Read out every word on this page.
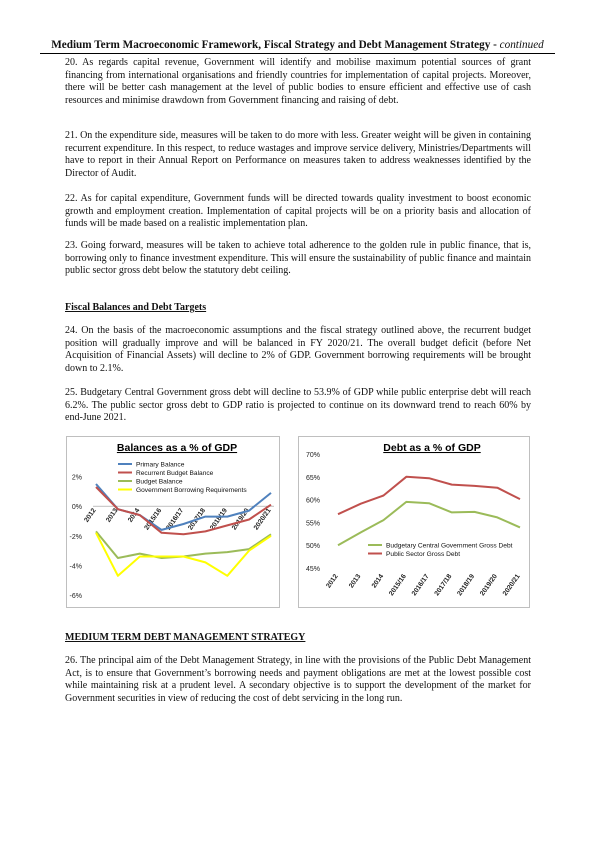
Medium Term Macroeconomic Framework, Fiscal Strategy and Debt Management Strategy - continued

20. As regards capital revenue, Government will identify and mobilise maximum potential sources of grant financing from international organisations and friendly countries for implementation of capital projects. Moreover, there will be better cash management at the level of public bodies to ensure efficient and effective use of cash resources and minimise drawdown from Government financing and raising of debt.

21. On the expenditure side, measures will be taken to do more with less. Greater weight will be given in containing recurrent expenditure. In this respect, to reduce wastages and improve service delivery, Ministries/Departments will have to report in their Annual Report on Performance on measures taken to address weaknesses identified by the Director of Audit.

22. As for capital expenditure, Government funds will be directed towards quality investment to boost economic growth and employment creation. Implementation of capital projects will be on a priority basis and allocation of funds will be made based on a realistic implementation plan.

23. Going forward, measures will be taken to achieve total adherence to the golden rule in public finance, that is, borrowing only to finance investment expenditure. This will ensure the sustainability of public finance and maintain public sector gross debt below the statutory debt ceiling.

Fiscal Balances and Debt Targets

24. On the basis of the macroeconomic assumptions and the fiscal strategy outlined above, the recurrent budget position will gradually improve and will be balanced in FY 2020/21. The overall budget deficit (before Net Acquisition of Financial Assets) will decline to 2% of GDP. Government borrowing requirements will be brought down to 2.1%.

25. Budgetary Central Government gross debt will decline to 53.9% of GDP while public enterprise debt will reach 6.2%. The public sector gross debt to GDP ratio is projected to continue on its downward trend to reach 60% by end-June 2021.

Balances as a % of GDP
2%
0%
-2%
-4%
-6%
2012 2013 2014 2015/16 2016/17 2017/18 2018/19 2019/20 2020/21
Primary Balance
Recurrent Budget Balance
Budget Balance
Government Borrowing Requirements
Debt as a % of GDP
70%
65%
60%
55%
50%
45%
2012 2013 2014 2015/16 2016/17 2017/18 2018/19 2019/20 2020/21
Budgetary Central Government Gross Debt
Public Sector Gross Debt

MEDIUM TERM DEBT MANAGEMENT STRATEGY

26. The principal aim of the Debt Management Strategy, in line with the provisions of the Public Debt Management Act, is to ensure that Government’s borrowing needs and payment obligations are met at the lowest possible cost while maintaining risk at a prudent level. A secondary objective is to support the development of the market for Government securities in view of reducing the cost of debt servicing in the long run.
